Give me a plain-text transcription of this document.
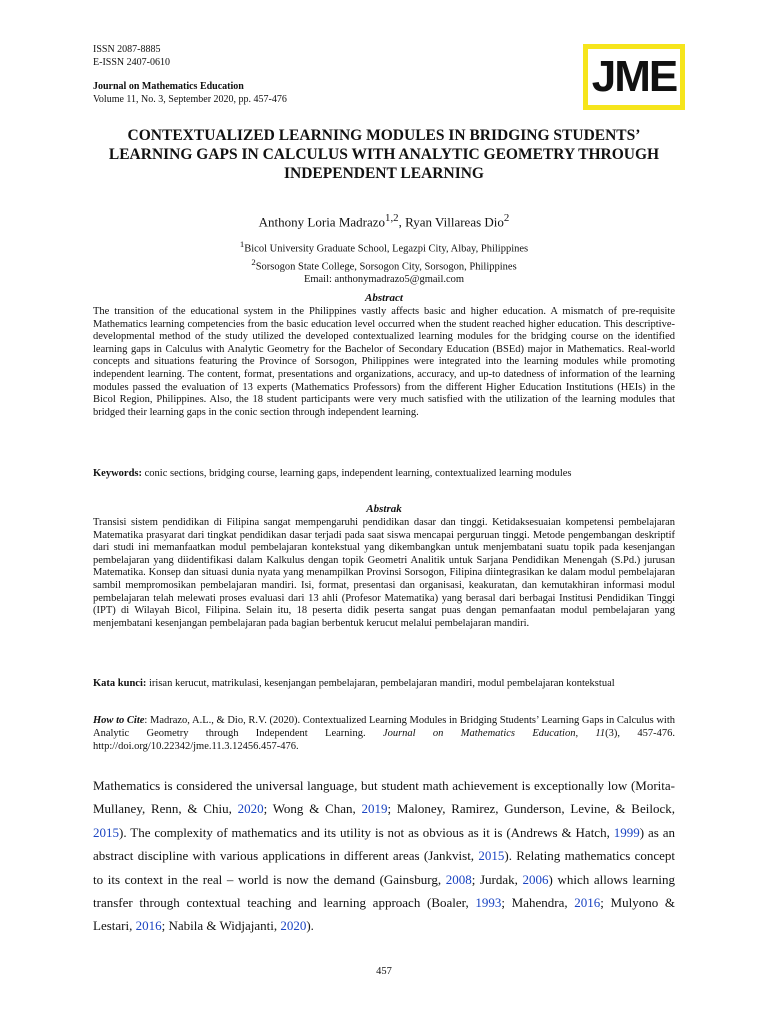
ISSN 2087-8885
E-ISSN 2407-0610
Journal on Mathematics Education
Volume 11, No. 3, September 2020, pp. 457-476	JME
CONTEXTUALIZED LEARNING MODULES IN BRIDGING STUDENTS’ LEARNING GAPS IN CALCULUS WITH ANALYTIC GEOMETRY THROUGH INDEPENDENT LEARNING
Anthony Loria Madrazo$^{1,2}$, Ryan Villareas Dio$^2$
$^1$Bicol University Graduate School, Legazpi City, Albay, Philippines
$^2$Sorsogon State College, Sorsogon City, Sorsogon, Philippines
Email: anthonymadrazo5@gmail.com
Abstract
The transition of the educational system in the Philippines vastly affects basic and higher education. A mismatch of pre-requisite Mathematics learning competencies from the basic education level occurred when the student reached higher education. This descriptive-developmental method of the study utilized the developed contextualized learning modules for the bridging course on the identified learning gaps in Calculus with Analytic Geometry for the Bachelor of Secondary Education (BSEd) major in Mathematics. Real-world concepts and situations featuring the Province of Sorsogon, Philippines were integrated into the learning modules while promoting independent learning. The content, format, presentations and organizations, accuracy, and up-to datedness of information of the learning modules passed the evaluation of 13 experts (Mathematics Professors) from the different Higher Education Institutions (HEIs) in the Bicol Region, Philippines. Also, the 18 student participants were very much satisfied with the utilization of the learning modules that bridged their learning gaps in the conic section through independent learning.
Keywords: conic sections, bridging course, learning gaps, independent learning, contextualized learning modules
Abstrak
Transisi sistem pendidikan di Filipina sangat mempengaruhi pendidikan dasar dan tinggi. Ketidaksesuaian kompetensi pembelajaran Matematika prasyarat dari tingkat pendidikan dasar terjadi pada saat siswa mencapai perguruan tinggi. Metode pengembangan deskriptif dari studi ini memanfaatkan modul pembelajaran kontekstual yang dikembangkan untuk menjembatani suatu topik pada kesenjangan pembelajaran yang diidentifikasi dalam Kalkulus dengan topik Geometri Analitik untuk Sarjana Pendidikan Menengah (S.Pd.) jurusan Matematika. Konsep dan situasi dunia nyata yang menampilkan Provinsi Sorsogon, Filipina diintegrasikan ke dalam modul pembelajaran sambil mempromosikan pembelajaran mandiri. Isi, format, presentasi dan organisasi, keakuratan, dan kemutakhiran informasi modul pembelajaran telah melewati proses evaluasi dari 13 ahli (Profesor Matematika) yang berasal dari berbagai Institusi Pendidikan Tinggi (IPT) di Wilayah Bicol, Filipina. Selain itu, 18 peserta didik peserta sangat puas dengan pemanfaatan modul pembelajaran yang menjembatani kesenjangan pembelajaran pada bagian berbentuk kerucut melalui pembelajaran mandiri.
Kata kunci: irisan kerucut, matrikulasi, kesenjangan pembelajaran, pembelajaran mandiri, modul pembelajaran kontekstual
How to Cite: Madrazo, A.L., & Dio, R.V. (2020). Contextualized Learning Modules in Bridging Students’ Learning Gaps in Calculus with Analytic Geometry through Independent Learning. Journal on Mathematics Education, 11(3), 457-476. http://doi.org/10.22342/jme.11.3.12456.457-476.
Mathematics is considered the universal language, but student math achievement is exceptionally low (Morita-Mullaney, Renn, & Chiu, 2020; Wong & Chan, 2019; Maloney, Ramirez, Gunderson, Levine, & Beilock, 2015). The complexity of mathematics and its utility is not as obvious as it is (Andrews & Hatch, 1999) as an abstract discipline with various applications in different areas (Jankvist, 2015). Relating mathematics concept to its context in the real – world is now the demand (Gainsburg, 2008; Jurdak, 2006) which allows learning transfer through contextual teaching and learning approach (Boaler, 1993; Mahendra, 2016; Mulyono & Lestari, 2016; Nabila & Widjajanti, 2020).
457
